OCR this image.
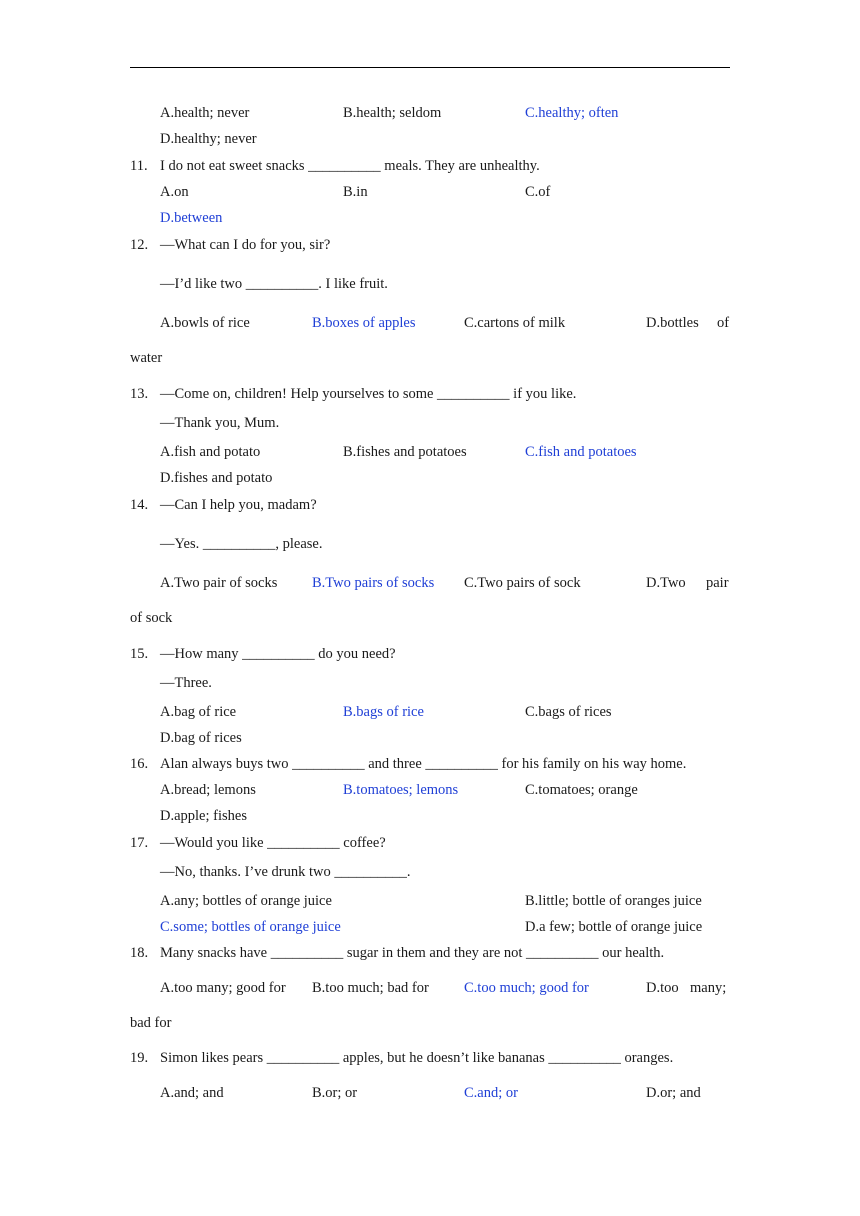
A.health; never	B.health; seldom	C.healthy; often
D.healthy; never
11. I do not eat sweet snacks __________ meals. They are unhealthy.
A.on	B.in	C.of
D.between
12. —What can I do for you, sir?
—I’d like two __________. I like fruit.
A.bowls of rice	B.boxes of apples	C.cartons of milk	D.bottles of
water
13. —Come on, children! Help yourselves to some __________ if you like.
—Thank you, Mum.
A.fish and potato	B.fishes and potatoes	C.fish and potatoes
D.fishes and potato
14. —Can I help you, madam?
—Yes. __________, please.
A.Two pair of socks B.Two pairs of socks C.Two pairs of sock	D.Two pair
of sock
15. —How many __________ do you need?
—Three.
A.bag of rice	B.bags of rice	C.bags of rices
D.bag of rices
16. Alan always buys two __________ and three __________ for his family on his way home.
A.bread; lemons	B.tomatoes; lemons	C.tomatoes; orange
D.apple; fishes
17. —Would you like __________ coffee?
—No, thanks. I’ve drunk two __________.
A.any; bottles of orange juice	B.little; bottle of oranges juice
C.some; bottles of orange juice	D.a few; bottle of orange juice
18. Many snacks have __________ sugar in them and they are not __________ our health.
A.too many; good for B.too much; bad for C.too much; good for	D.too many;
bad for
19. Simon likes pears __________ apples, but he doesn’t like bananas __________ oranges.
A.and; and	B.or; or	C.and; or	D.or; and
